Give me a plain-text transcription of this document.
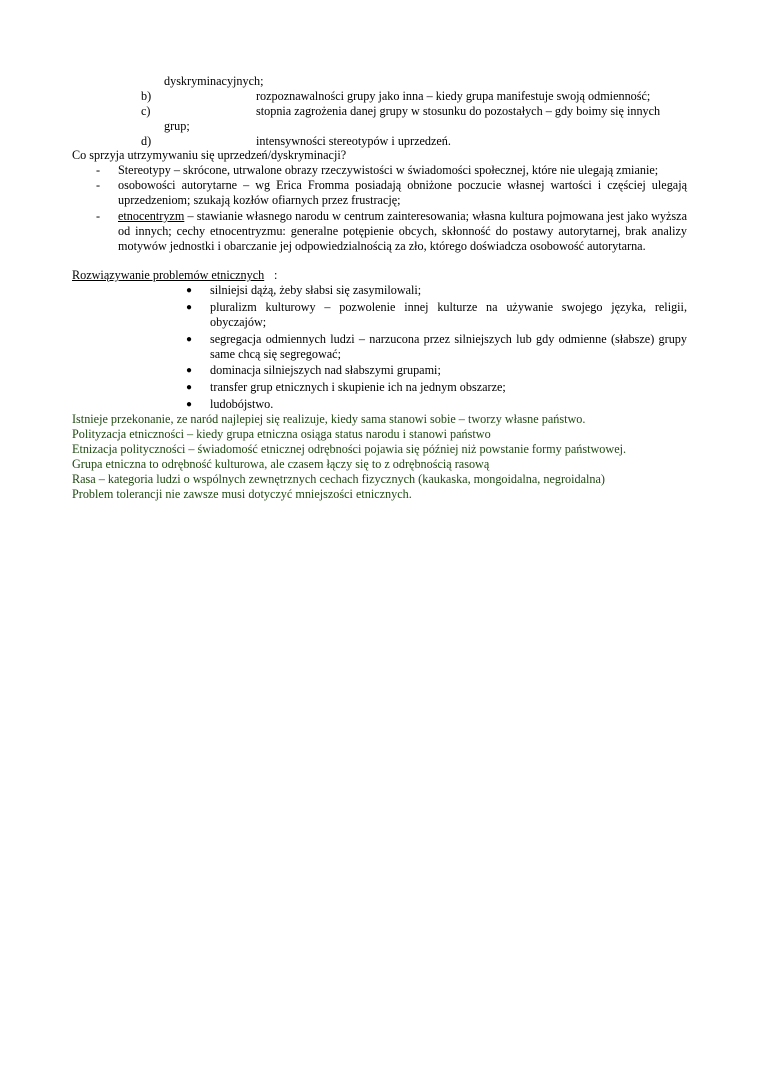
dyskryminacyjnych;
b)	rozpoznawalności grupy jako inna – kiedy grupa manifestuje swoją odmienność;
c)	stopnia zagrożenia danej grupy w stosunku do pozostałych – gdy boimy się innych
grup;
d)	intensywności stereotypów i uprzedzeń.
Co sprzyja utrzymywaniu się uprzedzeń/dyskryminacji?
- Stereotypy – skrócone, utrwalone obrazy rzeczywistości w świadomości społecznej, które nie ulegają zmianie;
- osobowości autorytarne – wg Erica Fromma posiadają obniżone poczucie własnej wartości i częściej ulegają uprzedzeniom; szukają kozłów ofiarnych przez frustrację;
- etnocentryzm – stawianie własnego narodu w centrum zainteresowania; własna kultura pojmowana jest jako wyższa od innych; cechy etnocentryzmu: generalne potępienie obcych, skłonność do postawy autorytarnej, brak analizy motywów jednostki i obarczanie jej odpowiedzialnością za zło, którego doświadcza osobowość autorytarna.
Rozwiązywanie problemów etnicznych :
● silniejsi dążą, żeby słabsi się zasymilowali;
● pluralizm kulturowy – pozwolenie innej kulturze na używanie swojego języka, religii, obyczajów;
● segregacja odmiennych ludzi – narzucona przez silniejszych lub gdy odmienne (słabsze) grupy same chcą się segregować;
● dominacja silniejszych nad słabszymi grupami;
● transfer grup etnicznych i skupienie ich na jednym obszarze;
● ludobójstwo.
Istnieje przekonanie, ze naród najlepiej się realizuje, kiedy sama stanowi sobie – tworzy własne państwo.
Polityzacja etniczności – kiedy grupa etniczna osiąga status narodu i stanowi państwo
Etnizacja polityczności – świadomość etnicznej odrębności pojawia się później niż powstanie formy państwowej.
Grupa etniczna to odrębność kulturowa, ale czasem łączy się to z odrębnością rasową
Rasa – kategoria ludzi o wspólnych zewnętrznych cechach fizycznych (kaukaska, mongoidalna, negroidalna)
Problem tolerancji nie zawsze musi dotyczyć mniejszości etnicznych.
